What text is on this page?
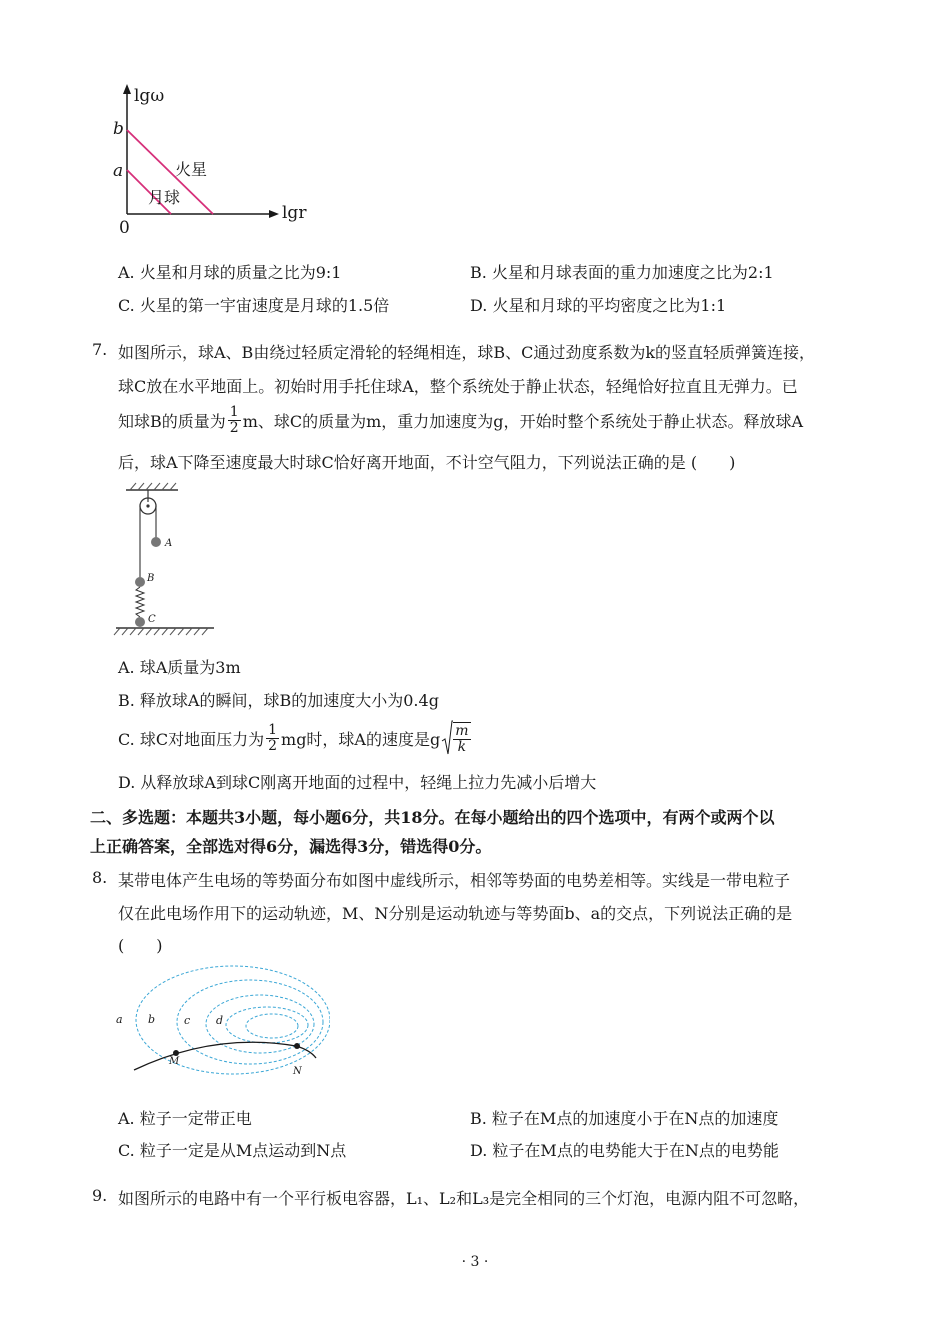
lgω
lgr
0
b
a	火星
月球
A. 火星和月球的质量之比为9:1	B. 火星和月球表面的重力加速度之比为2:1
C. 火星的第一宇宙速度是月球的1.5倍	D. 火星和月球的平均密度之比为1:1
7. 如图所示，球A、B由绕过轻质定滑轮的轻绳相连，球B、C通过劲度系数为k的竖直轻质弹簧连接，
球C放在水平地面上。初始时用手托住球A，整个系统处于静止状态，轻绳恰好拉直且无弹力。已
知球B的质量为 $\frac{1}{2}$ m、球C的质量为m，重力加速度为g，开始时整个系统处于静止状态。释放球A
后，球A下降至速度最大时球C恰好离开地面，不计空气阻力，下列说法正确的是 (　　)
A
B
C
A. 球A质量为3m
B. 释放球A的瞬间，球B的加速度大小为0.4g
C. 球C对地面压力为 $\frac{1}{2}$ mg时，球A的速度是g $\frac{m}{k}$
D. 从释放球A到球C刚离开地面的过程中，轻绳上拉力先减小后增大
二、多选题：本题共3小题，每小题6分，共18分。在每小题给出的四个选项中，有两个或两个以
上正确答案，全部选对得6分，漏选得3分，错选得0分。
8. 某带电体产生电场的等势面分布如图中虚线所示，相邻等势面的电势差相等。实线是一带电粒子
仅在此电场作用下的运动轨迹，M、N分别是运动轨迹与等势面b、a的交点，下列说法正确的是
(　　)
a b	c d
M
N
A. 粒子一定带正电	B. 粒子在M点的加速度小于在N点的加速度
C. 粒子一定是从M点运动到N点	D. 粒子在M点的电势能大于在N点的电势能
9. 如图所示的电路中有一个平行板电容器，L₁、L₂和L₃是完全相同的三个灯泡，电源内阻不可忽略，
· 3 ·
